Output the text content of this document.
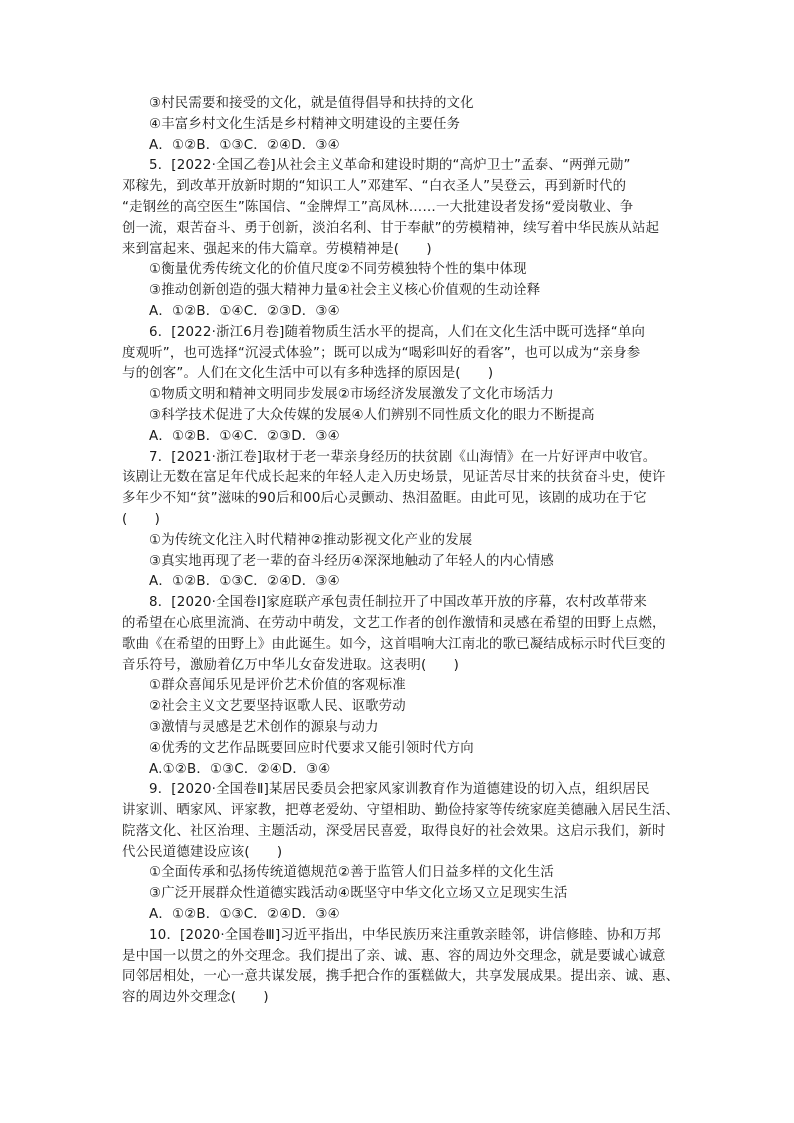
③村民需要和接受的文化，就是值得倡导和扶持的文化
④丰富乡村文化生活是乡村精神文明建设的主要任务
A．①②B．①③C．②④D．③④
5．[2022·全国乙卷]从社会主义革命和建设时期的“高炉卫士”孟泰、“两弹元勋”
邓稼先，到改革开放新时期的“知识工人”邓建军、“白衣圣人”吴登云，再到新时代的
“走钢丝的高空医生”陈国信、“金牌焊工”高凤林……一大批建设者发扬“爱岗敬业、争
创一流，艰苦奋斗、勇于创新，淡泊名利、甘于奉献”的劳模精神，续写着中华民族从站起
来到富起来、强起来的伟大篇章。劳模精神是(　　)
①衡量优秀传统文化的价值尺度②不同劳模独特个性的集中体现
③推动创新创造的强大精神力量④社会主义核心价值观的生动诠释
A．①②B．①④C．②③D．③④
6．[2022·浙江6月卷]随着物质生活水平的提高，人们在文化生活中既可选择“单向
度观听”，也可选择“沉浸式体验”；既可以成为“喝彩叫好的看客”，也可以成为“亲身参
与的创客”。人们在文化生活中可以有多种选择的原因是(　　)
①物质文明和精神文明同步发展②市场经济发展激发了文化市场活力
③科学技术促进了大众传媒的发展④人们辨别不同性质文化的眼力不断提高
A．①②B．①④C．②③D．③④
7．[2021·浙江卷]取材于老一辈亲身经历的扶贫剧《山海情》在一片好评声中收官。
该剧让无数在富足年代成长起来的年轻人走入历史场景，见证苦尽甘来的扶贫奋斗史，使许
多年少不知“贫”滋味的90后和00后心灵颤动、热泪盈眶。由此可见，该剧的成功在于它
(　　)
①为传统文化注入时代精神②推动影视文化产业的发展
③真实地再现了老一辈的奋斗经历④深深地触动了年轻人的内心情感
A．①②B．①③C．②④D．③④
8．[2020·全国卷Ⅰ]家庭联产承包责任制拉开了中国改革开放的序幕，农村改革带来
的希望在心底里流淌、在劳动中萌发，文艺工作者的创作激情和灵感在希望的田野上点燃，
歌曲《在希望的田野上》由此诞生。如今，这首唱响大江南北的歌已凝结成标示时代巨变的
音乐符号，激励着亿万中华儿女奋发进取。这表明(　　)
①群众喜闻乐见是评价艺术价值的客观标准
②社会主义文艺要坚持讴歌人民、讴歌劳动
③激情与灵感是艺术创作的源泉与动力
④优秀的文艺作品既要回应时代要求又能引领时代方向
A.①②B．①③C．②④D．③④
9．[2020·全国卷Ⅱ]某居民委员会把家风家训教育作为道德建设的切入点，组织居民
讲家训、晒家风、评家教，把尊老爱幼、守望相助、勤俭持家等传统家庭美德融入居民生活、
院落文化、社区治理、主题活动，深受居民喜爱，取得良好的社会效果。这启示我们，新时
代公民道德建设应该(　　)
①全面传承和弘扬传统道德规范②善于监管人们日益多样的文化生活
③广泛开展群众性道德实践活动④既坚守中华文化立场又立足现实生活
A．①②B．①③C．②④D．③④
10．[2020·全国卷Ⅲ]习近平指出，中华民族历来注重敦亲睦邻，讲信修睦、协和万邦
是中国一以贯之的外交理念。我们提出了亲、诚、惠、容的周边外交理念，就是要诚心诚意
同邻居相处，一心一意共谋发展，携手把合作的蛋糕做大，共享发展成果。提出亲、诚、惠、
容的周边外交理念(　　)
